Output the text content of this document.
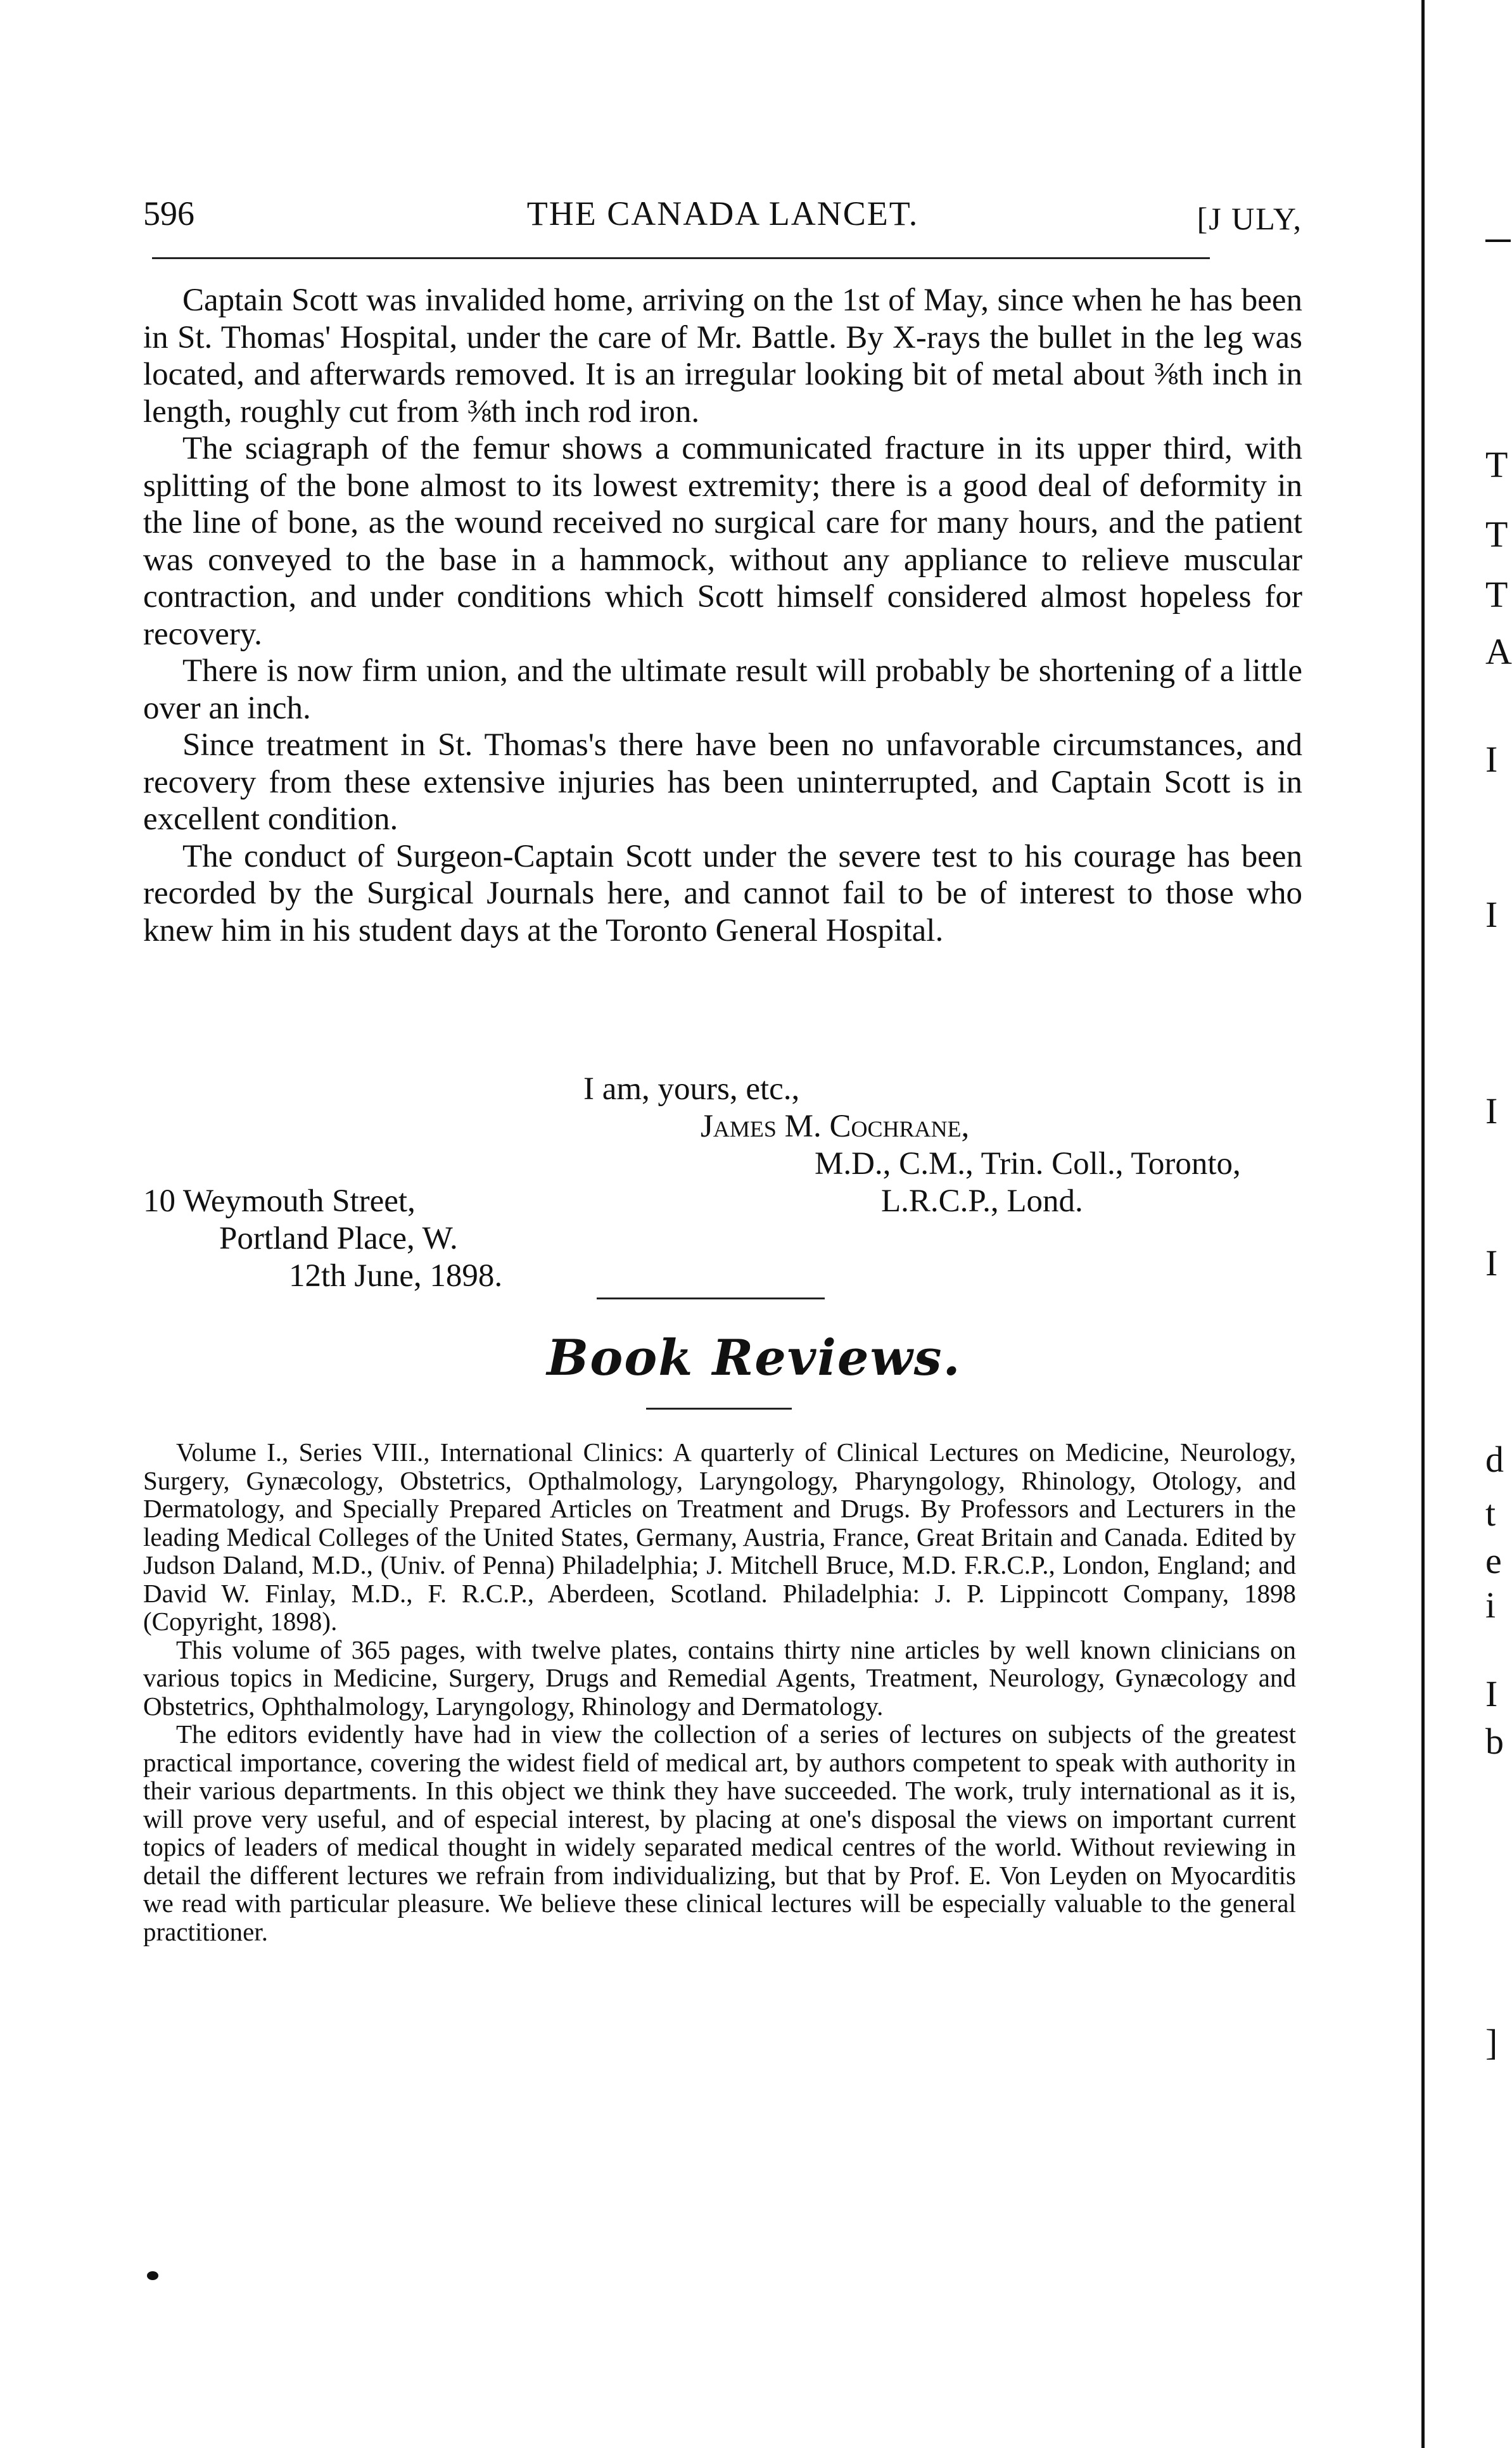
596	THE CANADA LANCET.	[J ULY,

Captain Scott was invalided home, arriving on the 1st of May, since when he has been in St. Thomas' Hospital, under the care of Mr. Battle. By X-rays the bullet in the leg was located, and afterwards removed. It is an irregular looking bit of metal about ⅜th inch in length, roughly cut from ⅜th inch rod iron.

The sciagraph of the femur shows a communicated fracture in its upper third, with splitting of the bone almost to its lowest extremity; there is a good deal of deformity in the line of bone, as the wound received no surgical care for many hours, and the patient was conveyed to the base in a hammock, without any appliance to relieve muscular contraction, and under conditions which Scott himself considered almost hopeless for recovery.

There is now firm union, and the ultimate result will probably be shortening of a little over an inch.

Since treatment in St. Thomas's there have been no unfavorable circumstances, and recovery from these extensive injuries has been uninterrupted, and Captain Scott is in excellent condition.

The conduct of Surgeon-Captain Scott under the severe test to his courage has been recorded by the Surgical Journals here, and cannot fail to be of interest to those who knew him in his student days at the Toronto General Hospital.

I am, yours, etc.,
James M. Cochrane,
M.D., C.M., Trin. Coll., Toronto,
10 Weymouth Street,	L.R.C.P., Lond.
Portland Place, W.
12th June, 1898.
Book Reviews.

Volume I., Series VIII., International Clinics: A quarterly of Clinical Lectures on Medicine, Neurology, Surgery, Gynæcology, Obstetrics, Opthalmology, Laryngology, Pharyngology, Rhinology, Otology, and Dermatology, and Specially Prepared Articles on Treatment and Drugs. By Professors and Lecturers in the leading Medical Colleges of the United States, Germany, Austria, France, Great Britain and Canada. Edited by Judson Daland, M.D., (Univ. of Penna) Philadelphia; J. Mitchell Bruce, M.D. F.R.C.P., London, England; and David W. Finlay, M.D., F. R.C.P., Aberdeen, Scotland. Philadelphia: J. P. Lippincott Company, 1898 (Copyright, 1898).

This volume of 365 pages, with twelve plates, contains thirty nine articles by well known clinicians on various topics in Medicine, Surgery, Drugs and Remedial Agents, Treatment, Neurology, Gynæcology and Obstetrics, Ophthalmology, Laryngology, Rhinology and Dermatology.

The editors evidently have had in view the collection of a series of lectures on subjects of the greatest practical importance, covering the widest field of medical art, by authors competent to speak with authority in their various departments. In this object we think they have succeeded. The work, truly international as it is, will prove very useful, and of especial interest, by placing at one's disposal the views on important current topics of leaders of medical thought in widely separated medical centres of the world. Without reviewing in detail the different lectures we refrain from individualizing, but that by Prof. E. Von Leyden on Myocarditis we read with particular pleasure. We believe these clinical lectures will be especially valuable to the general practitioner.

T
T
T
A
I
I
I
I
d
t
e
i
I
b
]
